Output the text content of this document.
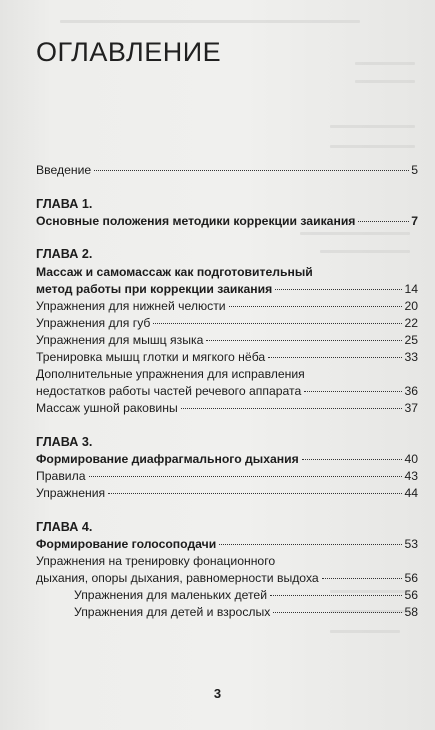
ОГЛАВЛЕНИЕ
Введение	5
ГЛАВА 1.
Основные положения методики коррекции заикания	7
ГЛАВА 2.
Массаж и самомассаж как подготовительный
метод работы при коррекции заикания	14
Упражнения для нижней челюсти	20
Упражнения для губ	22
Упражнения для мышц языка	25
Тренировка мышц глотки и мягкого нёба	33
Дополнительные упражнения для исправления
недостатков работы частей речевого аппарата	36
Массаж ушной раковины	37
ГЛАВА 3.
Формирование диафрагмального дыхания	40
Правила	43
Упражнения	44
ГЛАВА 4.
Формирование голосоподачи	53
Упражнения на тренировку фонационного
дыхания, опоры дыхания, равномерности выдоха	56
Упражнения для маленьких детей	56
Упражнения для детей и взрослых	58
3
